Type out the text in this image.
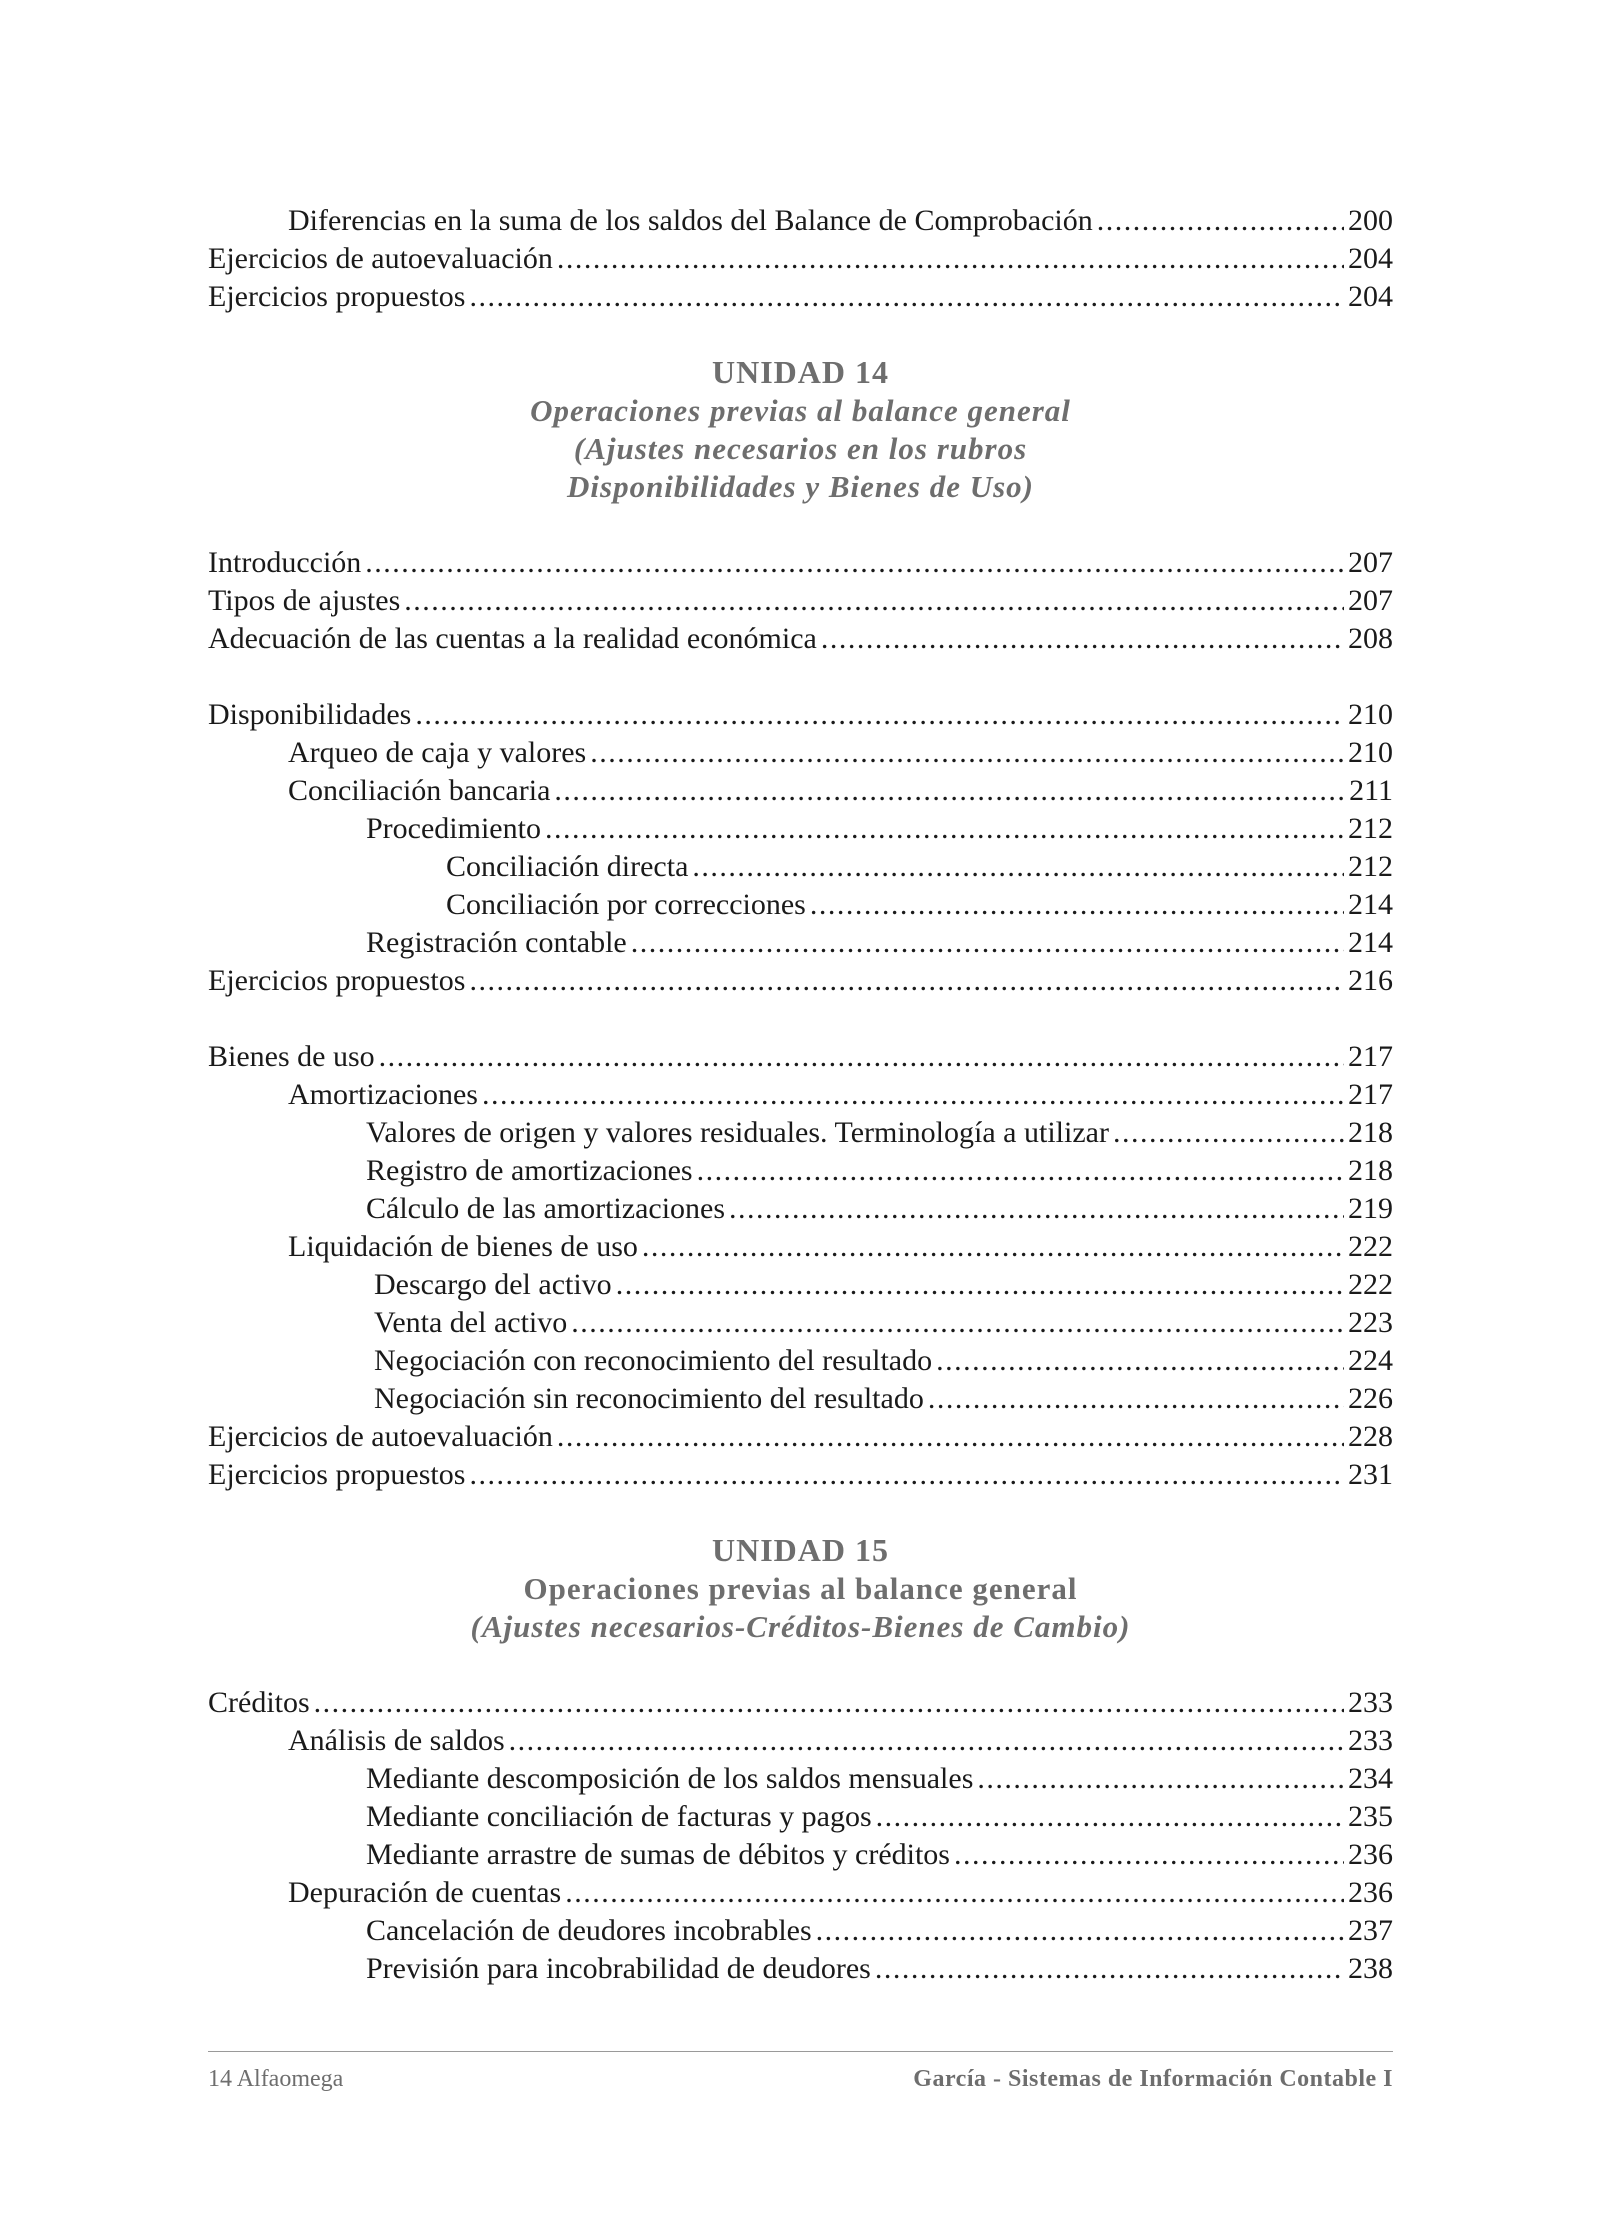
Diferencias en la suma de los saldos del Balance de Comprobación . . .	200
Ejercicios de autoevaluación . . .	204
Ejercicios propuestos . . .	204
UNIDAD 14
Operaciones previas al balance general
(Ajustes necesarios en los rubros
Disponibilidades y Bienes de Uso)
Introducción . . .	207
Tipos de ajustes . . .	207
Adecuación de las cuentas a la realidad económica . . .	208
Disponibilidades . . .	210
Arqueo de caja y valores . . .	210
Conciliación bancaria . . .	211
Procedimiento . . .	212
Conciliación directa . . .	212
Conciliación por correcciones . . .	214
Registración contable . . .	214
Ejercicios propuestos . . .	216
Bienes de uso . . .	217
Amortizaciones . . .	217
Valores de origen y valores residuales. Terminología a utilizar . . .	218
Registro de amortizaciones . . .	218
Cálculo de las amortizaciones . . .	219
Liquidación de bienes de uso . . .	222
Descargo del activo . . .	222
Venta del activo . . .	223
Negociación con reconocimiento del resultado . . .	224
Negociación sin reconocimiento del resultado . . .	226
Ejercicios de autoevaluación . . .	228
Ejercicios propuestos . . .	231
UNIDAD 15
Operaciones previas al balance general
(Ajustes necesarios-Créditos-Bienes de Cambio)
Créditos . . .	233
Análisis de saldos . . .	233
Mediante descomposición de los saldos mensuales . . .	234
Mediante conciliación de facturas y pagos . . .	235
Mediante arrastre de sumas de débitos y créditos . . .	236
Depuración de cuentas . . .	236
Cancelación de deudores incobrables . . .	237
Previsión para incobrabilidad de deudores . . .	238
14 Alfaomega	García - Sistemas de Información Contable I
